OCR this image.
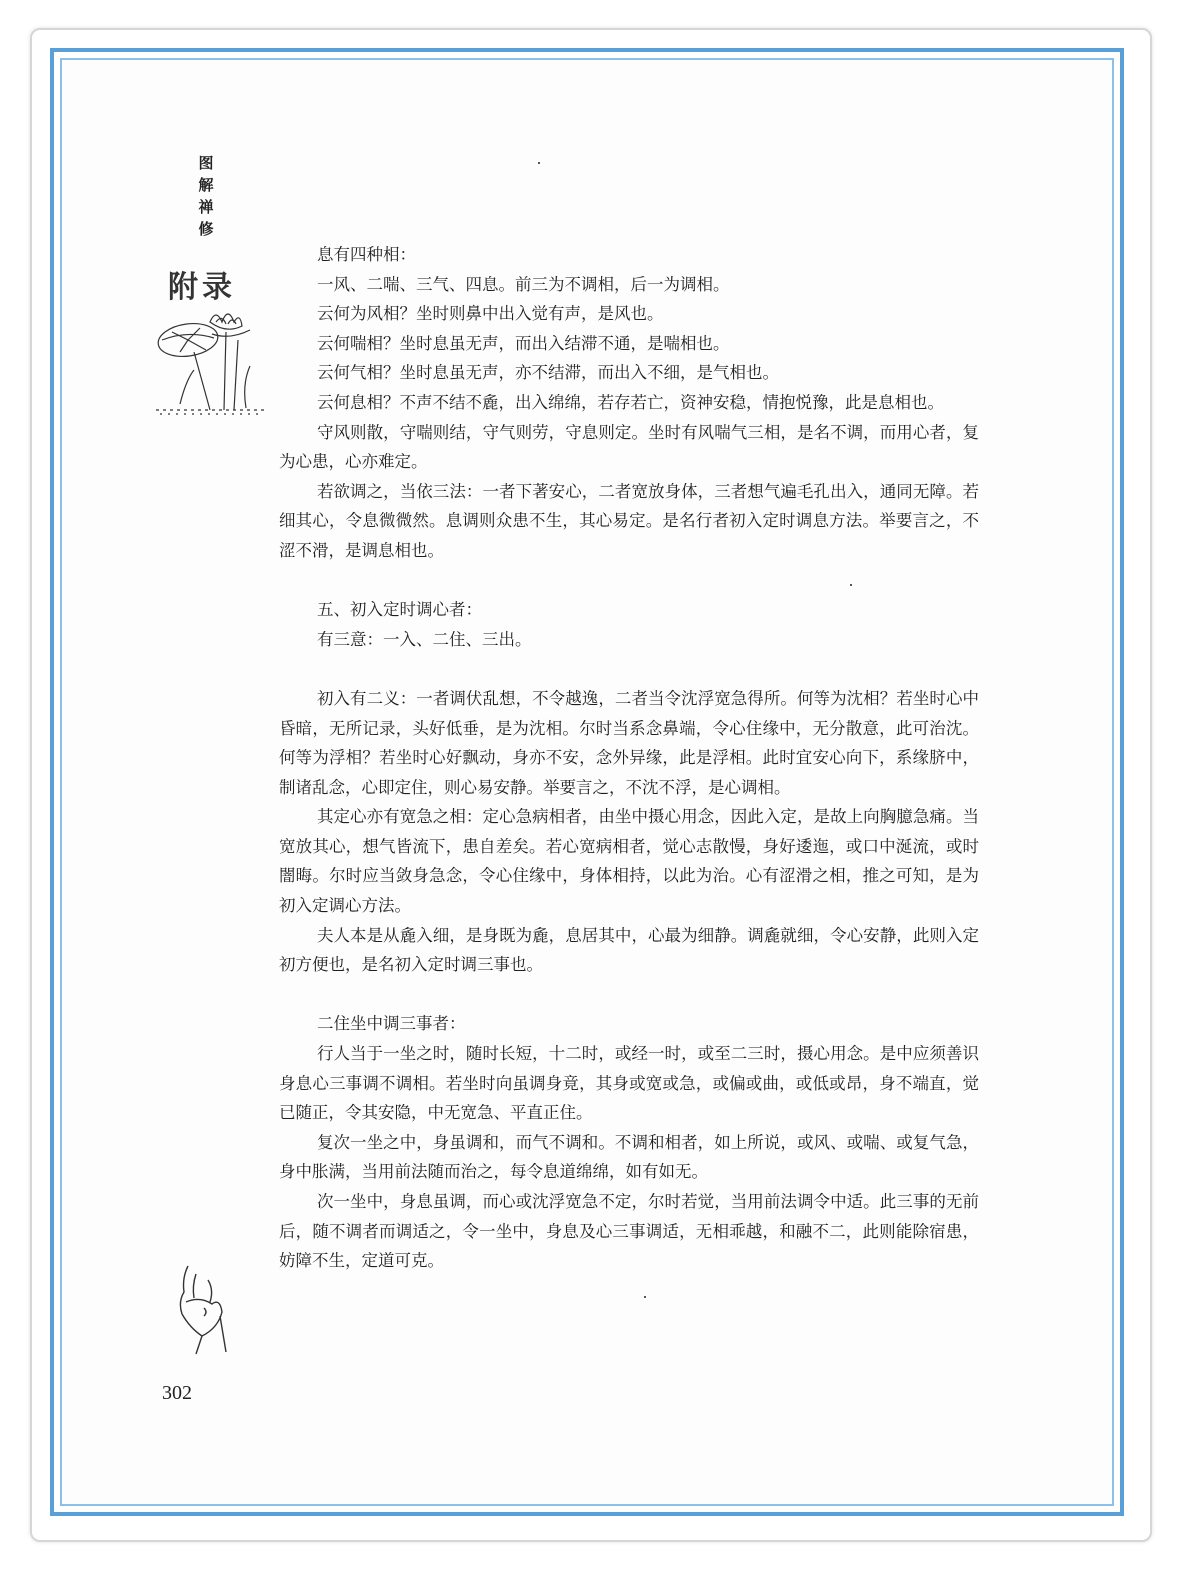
图
解
禅
修
附录
302

息有四种相：

一风、二喘、三气、四息。前三为不调相，后一为调相。

云何为风相？坐时则鼻中出入觉有声，是风也。

云何喘相？坐时息虽无声，而出入结滞不通，是喘相也。

云何气相？坐时息虽无声，亦不结滞，而出入不细，是气相也。

云何息相？不声不结不麁，出入绵绵，若存若亡，资神安稳，情抱悦豫，此是息相也。

守风则散，守喘则结，守气则劳，守息则定。坐时有风喘气三相，是名不调，而用心者，复为心患，心亦难定。

若欲调之，当依三法：一者下著安心，二者宽放身体，三者想气遍毛孔出入，通同无障。若细其心，令息微微然。息调则众患不生，其心易定。是名行者初入定时调息方法。举要言之，不涩不滑，是调息相也。

五、初入定时调心者：

有三意：一入、二住、三出。

初入有二义：一者调伏乱想，不令越逸，二者当令沈浮宽急得所。何等为沈相？若坐时心中昏暗，无所记录，头好低垂，是为沈相。尔时当系念鼻端，令心住缘中，无分散意，此可治沈。何等为浮相？若坐时心好飘动，身亦不安，念外异缘，此是浮相。此时宜安心向下，系缘脐中，制诸乱念，心即定住，则心易安静。举要言之，不沈不浮，是心调相。

其定心亦有宽急之相：定心急病相者，由坐中摄心用念，因此入定，是故上向胸臆急痛。当宽放其心，想气皆流下，患自差矣。若心宽病相者，觉心志散慢，身好逶迤，或口中涎流，或时闇晦。尔时应当敛身急念，令心住缘中，身体相持，以此为治。心有涩滑之相，推之可知，是为初入定调心方法。

夫人本是从麁入细，是身既为麁，息居其中，心最为细静。调麁就细，令心安静，此则入定初方便也，是名初入定时调三事也。

二住坐中调三事者：

行人当于一坐之时，随时长短，十二时，或经一时，或至二三时，摄心用念。是中应须善识身息心三事调不调相。若坐时向虽调身竟，其身或宽或急，或偏或曲，或低或昂，身不端直，觉已随正，令其安隐，中无宽急、平直正住。

复次一坐之中，身虽调和，而气不调和。不调和相者，如上所说，或风、或喘、或复气急，身中胀满，当用前法随而治之，每令息道绵绵，如有如无。

次一坐中，身息虽调，而心或沈浮宽急不定，尔时若觉，当用前法调令中适。此三事的无前后，随不调者而调适之，令一坐中，身息及心三事调适，无相乖越，和融不二，此则能除宿患，妨障不生，定道可克。
